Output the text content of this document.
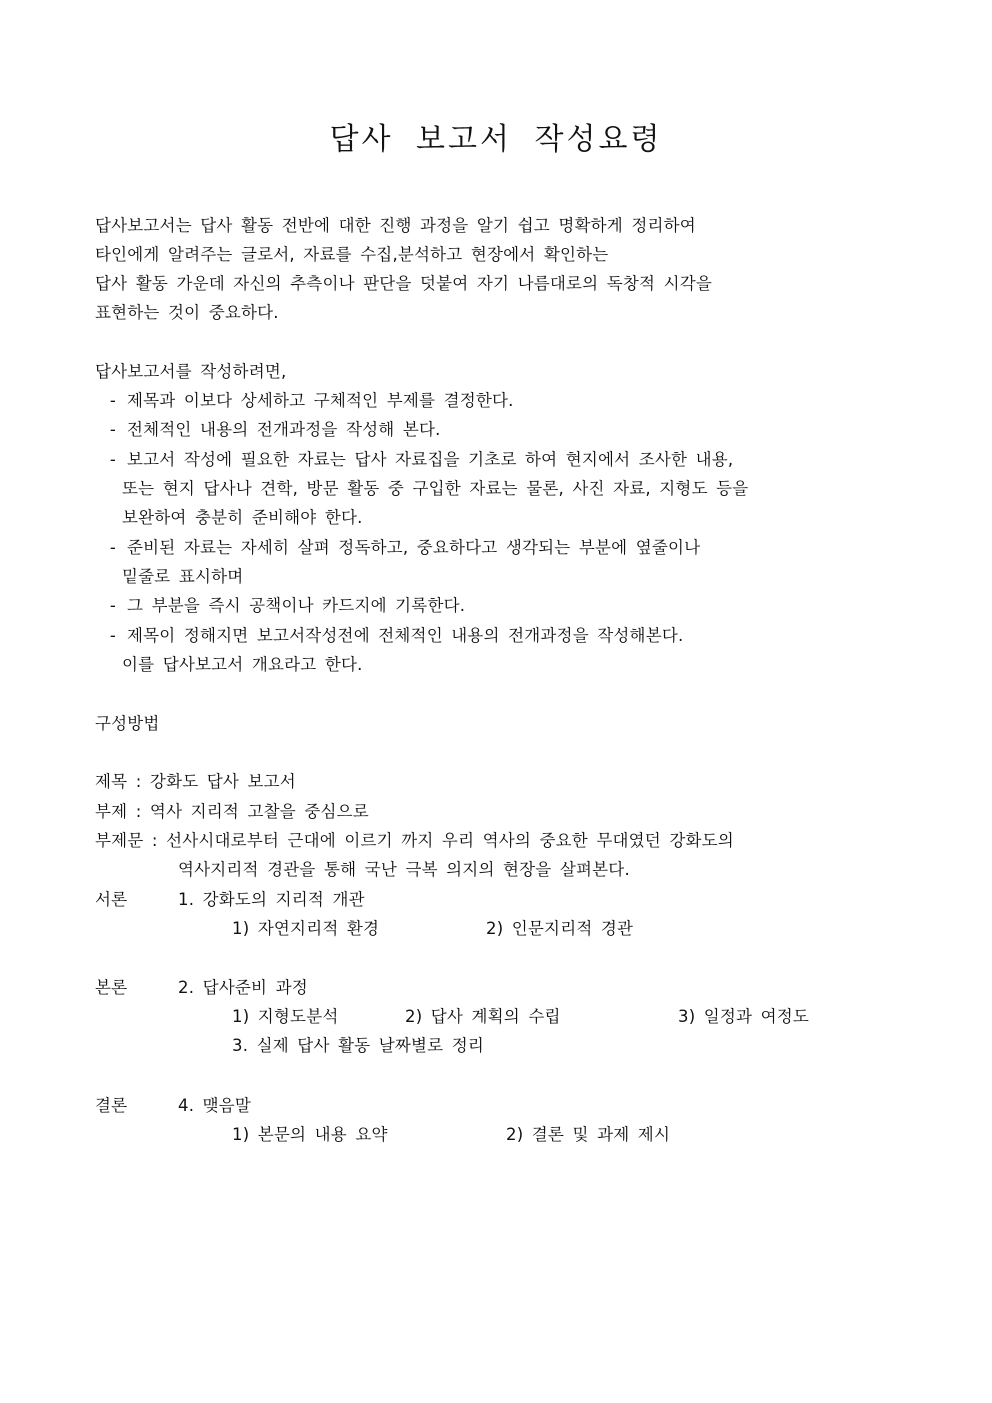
답사 보고서 작성요령
답사보고서는 답사 활동 전반에 대한 진행 과정을 알기 쉽고 명확하게 정리하여
타인에게 알려주는 글로서, 자료를 수집,분석하고 현장에서 확인하는
답사 활동 가운데 자신의 추측이나 판단을 덧붙여 자기 나름대로의 독창적 시각을
표현하는 것이 중요하다.
답사보고서를 작성하려면,
- 제목과 이보다 상세하고 구체적인 부제를 결정한다.
- 전체적인 내용의 전개과정을 작성해 본다.
- 보고서 작성에 필요한 자료는 답사 자료집을 기초로 하여 현지에서 조사한 내용,
또는 현지 답사나 견학, 방문 활동 중 구입한 자료는 물론, 사진 자료, 지형도 등을
보완하여 충분히 준비해야 한다.
- 준비된 자료는 자세히 살펴 정독하고, 중요하다고 생각되는 부분에 옆줄이나
밑줄로 표시하며
- 그 부분을 즉시 공책이나 카드지에 기록한다.
- 제목이 정해지면 보고서작성전에 전체적인 내용의 전개과정을 작성해본다.
이를 답사보고서 개요라고 한다.
구성방법
제목 : 강화도 답사 보고서
부제 : 역사 지리적 고찰을 중심으로
부제문 : 선사시대로부터 근대에 이르기 까지 우리 역사의 중요한 무대였던 강화도의
역사지리적 경관을 통해 국난 극복 의지의 현장을 살펴본다.
서론	1. 강화도의 지리적 개관
1) 자연지리적 환경	2) 인문지리적 경관
본론	2. 답사준비 과정
1) 지형도분석	2) 답사 계획의 수립	3) 일정과 여정도
3. 실제 답사 활동 날짜별로 정리
결론	4. 맺음말
1) 본문의 내용 요약	2) 결론 및 과제 제시
